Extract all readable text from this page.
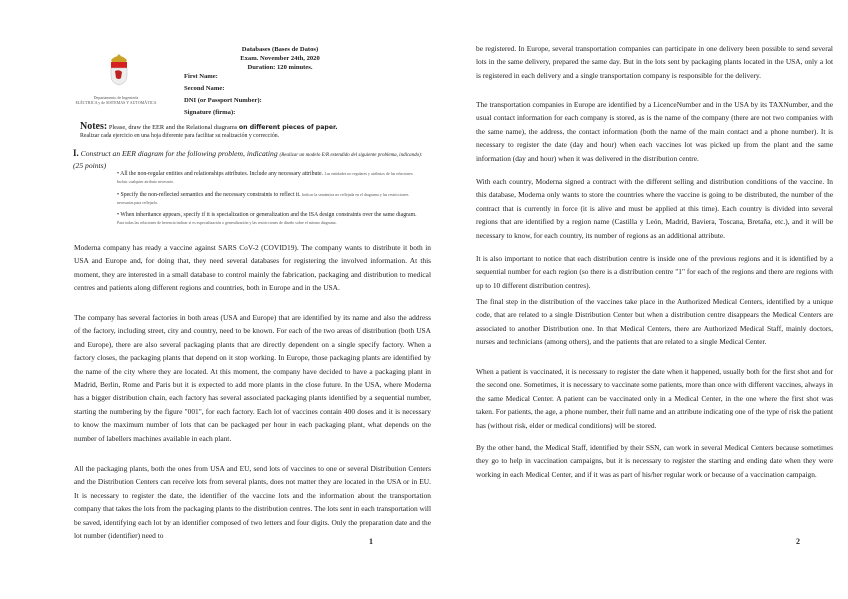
Departamento de Ingeniería
ELÉCTRICA y de SISTEMAS Y AUTOMÁTICA
Databases (Bases de Datos)
Exam. November 24th, 2020
Duration: 120 minutes.
First Name:
Second Name:
DNI (or Passport Number):
Signature (firma):
Notes: Please, draw the EER and the Relational diagrams on different pieces of paper.
Realizar cada ejercicio en una hoja diferente para facilitar su realización y corrección.
I. Construct an EER diagram for the following problem, indicating (Realizar un modelo E/R extendido del siguiente problema, indicando): (25 points)
• All the non-regular entities and relationships attributes. Include any necessary attribute. Las entidades no regulares y atributos de las relaciones. Incluir cualquier atributo necesario.
• Specify the non-reflected semantics and the necessary constraints to reflect it. Indicar la semántica no reflejada en el diagrama y las restricciones necesarias para reflejarla.
• When inheritance appears, specify if it is specialization or generalization and the ISA design constraints over the same diagram. Para todas las relaciones de herencia indicar si es especialización o generalización y las restricciones de diseño sobre el mismo diagrama.

Moderna company has ready a vaccine against SARS CoV-2 (COVID19). The company wants to distribute it both in USA and Europe and, for doing that, they need several databases for registering the involved information. At this moment, they are interested in a small database to control mainly the fabrication, packaging and distribution to medical centres and patients along different regions and countries, both in Europe and in the USA.

The company has several factories in both areas (USA and Europe) that are identified by its name and also the address of the factory, including street, city and country, need to be known. For each of the two areas of distribution (both USA and Europe), there are also several packaging plants that are directly dependent on a single specify factory. When a factory closes, the packaging plants that depend on it stop working. In Europe, those packaging plants are identified by the name of the city where they are located. At this moment, the company have decided to have a packaging plant in Madrid, Berlin, Rome and Paris but it is expected to add more plants in the close future. In the USA, where Moderna has a bigger distribution chain, each factory has several associated packaging plants identified by a sequential number, starting the numbering by the figure "001", for each factory. Each lot of vaccines contain 400 doses and it is necessary to know the maximum number of lots that can be packaged per hour in each packaging plant, what depends on the number of labellers machines available in each plant.

All the packaging plants, both the ones from USA and EU, send lots of vaccines to one or several Distribution Centers and the Distribution Centers can receive lots from several plants, does not matter they are located in the USA or in EU. It is necessary to register the date, the identifier of the vaccine lots and the information about the transportation company that takes the lots from the packaging plants to the distribution centres. The lots sent in each transportation will be saved, identifying each lot by an identifier composed of two letters and four digits. Only the preparation date and the lot number (identifier) need to

1

be registered. In Europe, several transportation companies can participate in one delivery been possible to send several lots in the same delivery, prepared the same day. But in the lots sent by packaging plants located in the USA, only a lot is registered in each delivery and a single transportation company is responsible for the delivery.

The transportation companies in Europe are identified by a LicenceNumber and in the USA by its TAXNumber, and the usual contact information for each company is stored, as is the name of the company (there are not two companies with the same name), the address, the contact information (both the name of the main contact and a phone number). It is necessary to register the date (day and hour) when each vaccines lot was picked up from the plant and the same information (day and hour) when it was delivered in the distribution centre.

With each country, Moderna signed a contract with the different selling and distribution conditions of the vaccine. In this database, Moderna only wants to store the countries where the vaccine is going to be distributed, the number of the contract that is currently in force (it is alive and must be applied at this time). Each country is divided into several regions that are identified by a region name (Castilla y León, Madrid, Baviera, Toscana, Bretaña, etc.), and it will be necessary to know, for each country, its number of regions as an additional attribute.

It is also important to notice that each distribution centre is inside one of the previous regions and it is identified by a sequential number for each region (so there is a distribution centre "1" for each of the regions and there are regions with up to 10 different distribution centres).

The final step in the distribution of the vaccines take place in the Authorized Medical Centers, identified by a unique code, that are related to a single Distribution Center but when a distribution centre disappears the Medical Centers are associated to another Distribution one. In that Medical Centers, there are Authorized Medical Staff, mainly doctors, nurses and technicians (among others), and the patients that are related to a single Medical Center.

When a patient is vaccinated, it is necessary to register the date when it happened, usually both for the first shot and for the second one. Sometimes, it is necessary to vaccinate some patients, more than once with different vaccines, always in the same Medical Center. A patient can be vaccinated only in a Medical Center, in the one where the first shot was taken. For patients, the age, a phone number, their full name and an attribute indicating one of the type of risk the patient has (without risk, elder or medical conditions) will be stored.

By the other hand, the Medical Staff, identified by their SSN, can work in several Medical Centers because sometimes they go to help in vaccination campaigns, but it is necessary to register the starting and ending date when they were working in each Medical Center, and if it was as part of his/her regular work or because of a vaccination campaign.

2
